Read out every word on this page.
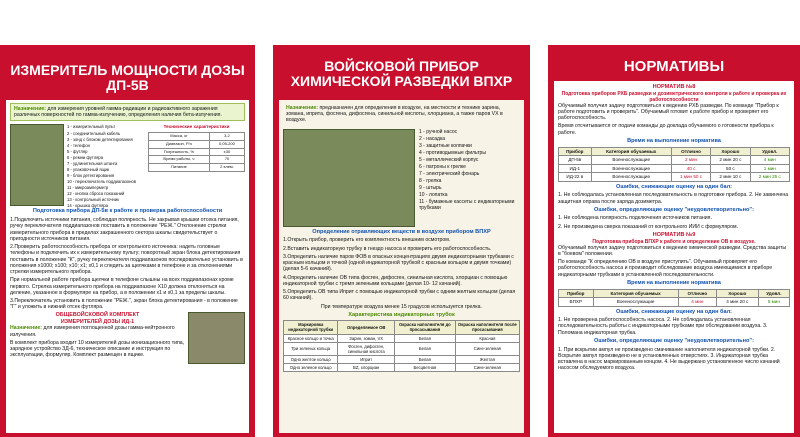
ИЗМЕРИТЕЛЬ МОЩНОСТИ ДОЗЫ
ДП-5В
Назначение: для измерения уровней гамма-радиации и радиоактивного заражения различных поверхностей по гамма-излучению, определения наличия бета-излучения.
1 - измерительный пульт
2 - соединительный кабель
3 - зонд с блоком детектирования
4 - телефон
5 - футляр
6 - ремни футляра
7 - удлинительная штанга
8 - упаковочный ящик
9 - блок детектирования
10 - переключатель поддиапазонов
11 - микроамперметр
12 - кнопка сброса показаний
13 - контрольный источник
14 - крышка футляра
Технические характеристики
Масса, кг	3,2
Диапазон, Р/ч	0,05-200
Погрешность, %	±30
Время работы, ч	70
Питание	2 элем.
Подготовка прибора ДП-5в к работе и проверка работоспособности

1.Подключить источники питания, соблюдая полярность. Не закрывая крышки отсека питания, ручку переключателя поддиапазонов поставить в положение "РЕЖ." Отклонение стрелки измерительного прибора в пределах закрашенного сектора шкалы свидетельствует о пригодности источников питания.

2.Проверить работоспособность прибора от контрольного источника: надеть головные телефоны и подключить их к измерительному пульту; поворотный экран блока детектирования поставить в положение "К", ручку переключателя поддиапазонов последовательно установить в положения х1000; х100; х10; х1; х0,1 и следить за щелчками в телефоне и за отклонениями стрелки измерительного прибора.

При нормальной работе прибора щелчки в телефоне слышны на всех поддиапазонах кроме первого. Стрелка измерительного прибора на поддиапазоне Х10 должна отклоняться на деление, указанное в формуляре на прибор, а в положении х1 и х0,1 за пределы шкалы.

3.Переключатель установить в положение "РЕЖ.", экран блока детектирования - в положение "Г" и уложить в нижний отсек футляра.

ОБЩЕВОЙСКОВОЙ КОМПЛЕКТ
ИЗМЕРИТЕЛЕЙ ДОЗЫ ИД-1

Назначение: для измерения поглощенной дозы гамма-нейтронного излучения.

В комплект прибора входит 10 измерителей дозы ионизационного типа, зарядное устройство ЗД-6, техническое описание и инструкция по эксплуатации, формуляр. Комплект размещен в ящике.

ВОЙСКОВОЙ ПРИБОР
ХИМИЧЕСКОЙ РАЗВЕДКИ ВПХР
Назначение: предназначен для определения в воздухе, на местности и технике зарина, зомана, иприта, фосгена, дифосгена, синильной кислоты, хлорциана, а также паров VX в воздухе.
1 - ручной насос
2 - насадка
3 - защитные колпачки
4 - противодымные фильтры
5 - металлический корпус
6 - патроны к грелке
7 - электрический фонарь
8 - грелка
9 - штырь
10 - лопатка
11 - бумажные кассеты с индикаторными трубками
Определение отравляющих веществ в воздухе прибором ВПХР

1.Открыть прибор, проверить его комплектность внешним осмотром.

2.Вставить индикаторную трубку в гнездо насоса и проверить его работоспособность.

3.Определить наличие паров ФОВ в опасных концентрациях двумя индикаторными трубками с красным кольцом и точкой (одной индикаторной трубкой с красным кольцом и двумя точками) (делая 5-6 качаний).

4.Определить наличие ОВ типа фосген, дифосген, синильная кислота, хлорциан с помощью индикаторной трубки с тремя зелеными кольцами (делая 10- 12 качаний).

5.Определить ОВ типа Иприт с помощью индикаторной трубки с одним желтым кольцом (делая 60 качаний).

При температуре воздуха менее 15 градусов используется грелка.

Характеристика индикаторных трубок
Маркировка индикаторной трубки	Определяемое ОВ	Окраска наполнителя до просасывания	Окраска наполнителя после просасывания
Красное кольцо и точка	Зарин, зоман, VX	Белая	Красная
Три зеленых кольца	Фосген, дифосген, синильная кислота	Белая	Сине-зеленая
Одно желтое кольцо	Иприт	Белая	Желтая
Одно зеленое кольцо	ВZ, хлорциан	Бесцветная	Сине-зеленая
НОРМАТИВЫ
НОРМАТИВ №8
Подготовка приборов РХБ разведки и дозиметрического контроля к работе и проверка их работоспособности

Обучаемый получил задачу подготовиться к ведению РХБ разведки. По команде "Прибор к работе подготовить и проверить". Обучаемый готовит к работе прибор и проверяет его работоспособность.

Время отсчитывается от подачи команды до доклада обучаемого о готовности прибора к работе.

Время на выполнение норматива
Прибор	Категория обучаемых	Отлично	Хорошо	Удовл.
ДП-5в	Военнослужащие	2 мин	2 мин 20 с	4 мин
ИД-1	Военнослужащие	40 с	50 с	1 мин
ИД-22 в	Военнослужащие	1 мин 50 с	2 мин 10 с	2 мин 25 с
Ошибки, снижающие оценку на один бал:

1. Не соблюдалась установленная последовательность в подготовке прибора. 2. Не завинчена защитная оправа после заряда дозиметра.

Ошибки, определяющие оценку "неудовлетворительно":

1. Не соблюдена полярность подключения источников питания.

2. Не произведена сверка показаний от контрольного ИИИ с формуляром.

НОРМАТИВ №9
Подготовка прибора ВПХР к работе и определение ОВ в воздухе.

Обучаемый получил задачу подготовиться к ведению химической разведки. Средства защиты в "боевом" положении.

По команде "К определению ОВ в воздухе приступить". Обучаемый проверяет его работоспособность насоса и производит обследование воздуха имеющимися в приборе индикаторными трубками в установленной последовательности.

Время на выполнение норматива
Прибор	Категория обучаемых	Отлично	Хорошо	Удовл.
ВПХР	Военнослужащие	4 мин	4 мин 20 с	5 мин
Ошибки, снижающие оценку на один бал:

1. Не проверена работоспособность насоса. 2. Не соблюдалась установленная последовательность работы с индикаторными трубками при обследовании воздуха. 3. Поломана индикаторная трубка.

Ошибки, определяющие оценку "неудовлетворительно":

1. При вскрытии ампул не произведено смачивание наполнителя индикаторной трубки. 2. Вскрытие ампул произведено не в установленных отверстиях. 3. Индикаторная трубка вставлена в насос маркированным концом. 4. Не выдержано установленное число качаний насосом обследуемого воздуха.
